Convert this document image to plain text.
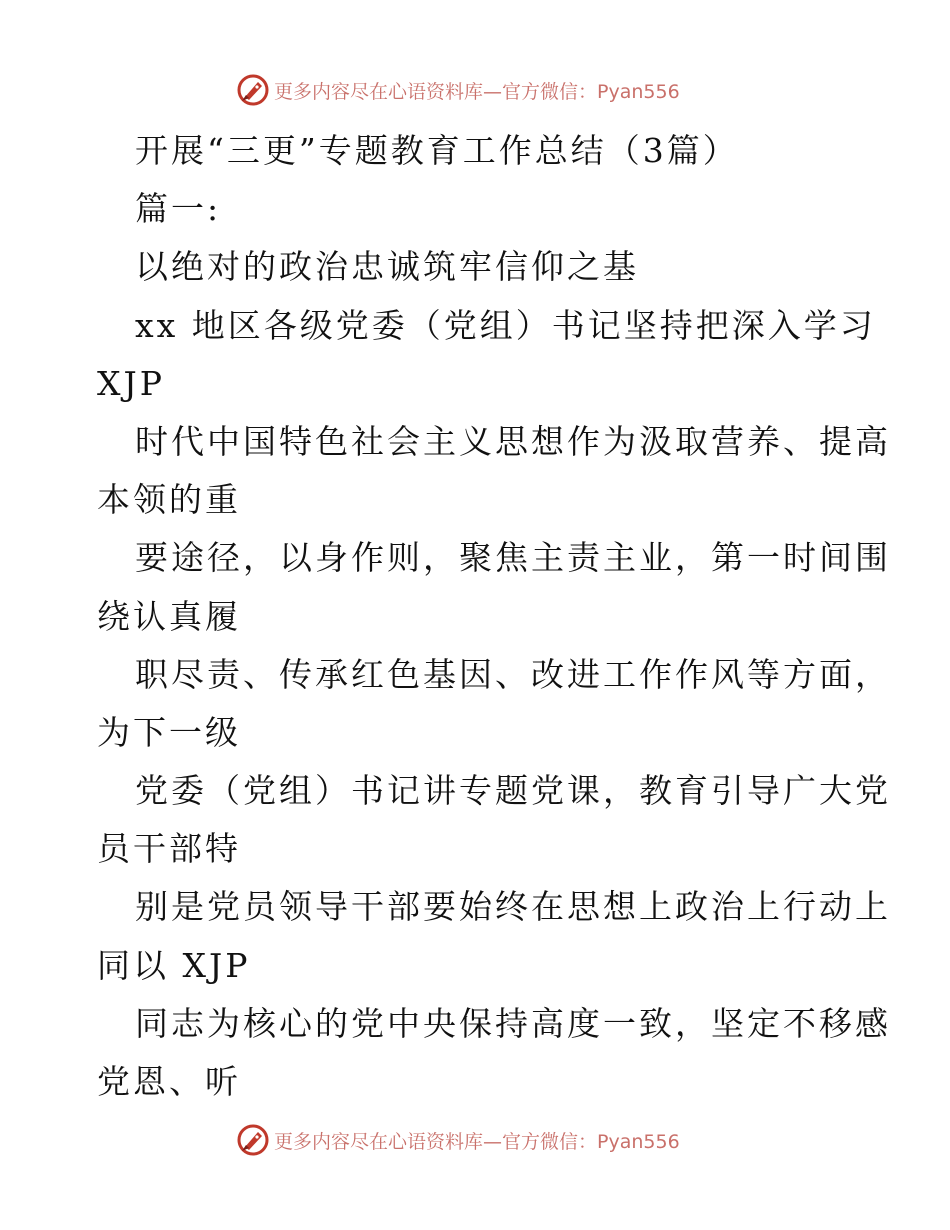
更多内容尽在心语资料库—官方微信：Pyan556
开展“三更”专题教育工作总结（3篇）
篇一:
以绝对的政治忠诚筑牢信仰之基
xx 地区各级党委（党组）书记坚持把深入学习
XJP
时代中国特色社会主义思想作为汲取营养、提高
本领的重
要途径，以身作则，聚焦主责主业，第一时间围
绕认真履
职尽责、传承红色基因、改进工作作风等方面，
为下一级
党委（党组）书记讲专题党课，教育引导广大党
员干部特
别是党员领导干部要始终在思想上政治上行动上
同以 XJP
同志为核心的党中央保持高度一致，坚定不移感
党恩、听
更多内容尽在心语资料库—官方微信：Pyan556
